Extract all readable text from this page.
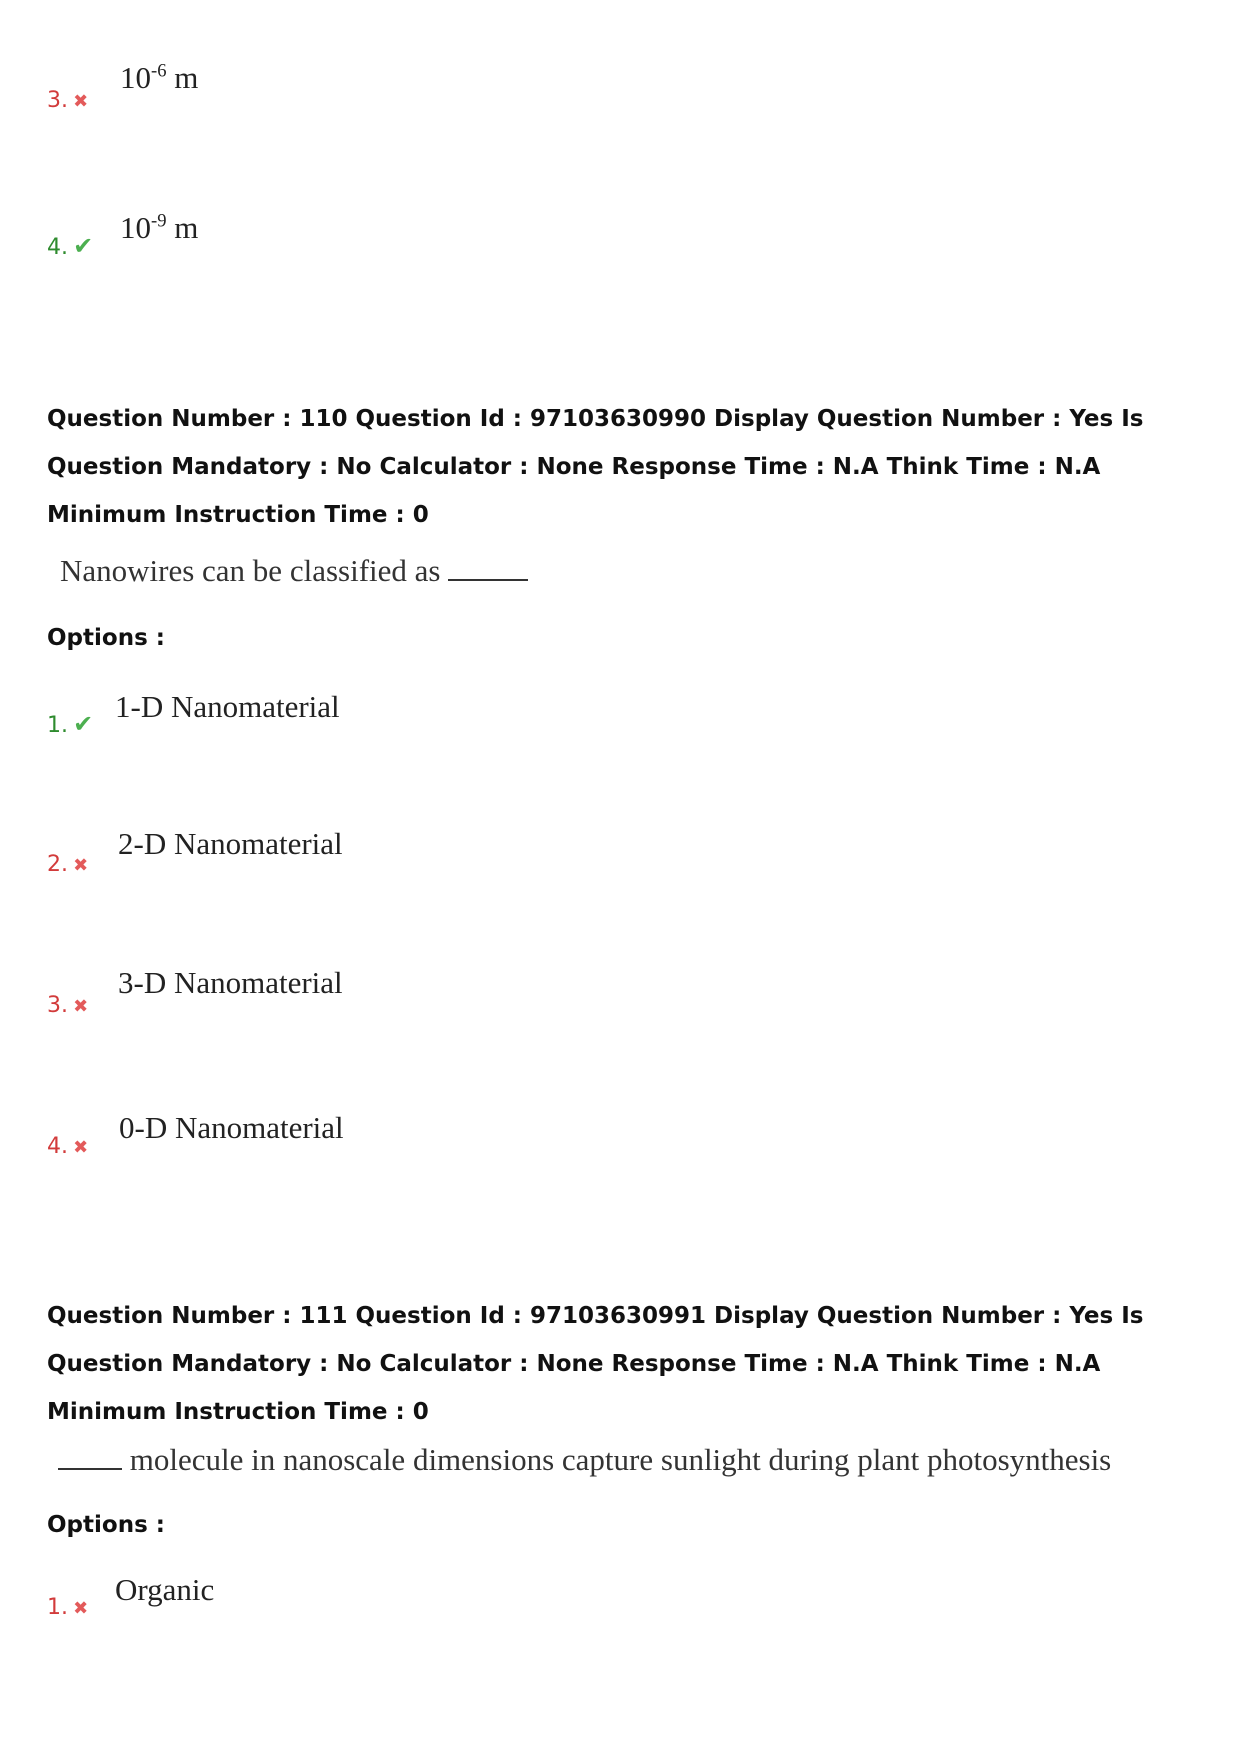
3. ✖
$10^{-6}$ m
4. ✔
$10^{-9}$ m
Question Number : 110 Question Id : 97103630990 Display Question Number : Yes Is Question Mandatory : No Calculator : None Response Time : N.A Think Time : N.A Minimum Instruction Time : 0
Nanowires can be classified as
Options :
1. ✔ 1-D Nanomaterial
2. ✖
2-D Nanomaterial
3. ✖
3-D Nanomaterial
4. ✖
0-D Nanomaterial
Question Number : 111 Question Id : 97103630991 Display Question Number : Yes Is Question Mandatory : No Calculator : None Response Time : N.A Think Time : N.A Minimum Instruction Time : 0
molecule in nanoscale dimensions capture sunlight during plant photosynthesis
Options :
1. ✖
Organic
